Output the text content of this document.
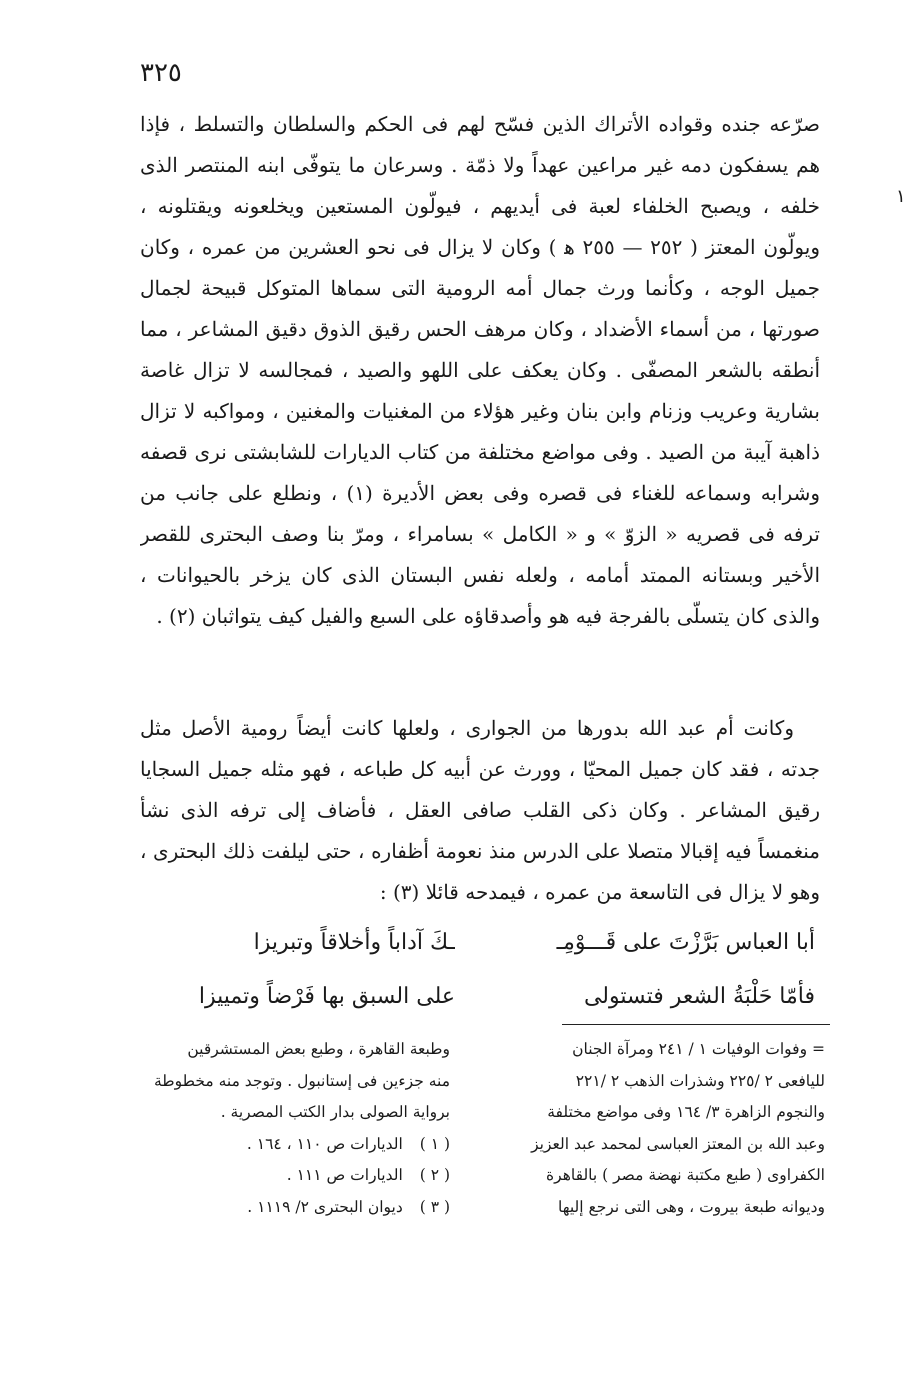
٣٢٥
١

صرّعه جنده وقواده الأتراك الذين فسّح لهم فى الحكم والسلطان والتسلط ، فإذا هم يسفكون دمه غير مراعين عهداً ولا ذمّة . وسرعان ما يتوفّى ابنه المنتصر الذى خلفه ، ويصبح الخلفاء لعبة فى أيديهم ، فيولّون المستعين ويخلعونه ويقتلونه ، ويولّون المعتز ( ٢٥٢ — ٢٥٥ ﻫ ) وكان لا يزال فى نحو العشرين من عمره ، وكان جميل الوجه ، وكأنما ورث جمال أمه الرومية التى سماها المتوكل قبيحة لجمال صورتها ، من أسماء الأضداد ، وكان مرهف الحس رقيق الذوق دقيق المشاعر ، مما أنطقه بالشعر المصفّى . وكان يعكف على اللهو والصيد ، فمجالسه لا تزال غاصة بشارية وعريب وزنام وابن بنان وغير هؤلاء من المغنيات والمغنين ، ومواكبه لا تزال ذاهبة آيبة من الصيد . وفى مواضع مختلفة من كتاب الديارات للشابشتى نرى قصفه وشرابه وسماعه للغناء فى قصره وفى بعض الأديرة (١) ، ونطلع على جانب من ترفه فى قصريه « الزوّ » و « الكامل » بسامراء ، ومرّ بنا وصف البحترى للقصر الأخير وبستانه الممتد أمامه ، ولعله نفس البستان الذى كان يزخر بالحيوانات ، والذى كان يتسلّى بالفرجة فيه هو وأصدقاؤه على السبع والفيل كيف يتواثبان (٢) .

وكانت أم عبد الله بدورها من الجوارى ، ولعلها كانت أيضاً رومية الأصل مثل جدته ، فقد كان جميل المحيّا ، وورث عن أبيه كل طباعه ، فهو مثله جميل السجايا رقيق المشاعر . وكان ذكى القلب صافى العقل ، فأضاف إلى ترفه الذى نشأ منغمساً فيه إقبالا متصلا على الدرس منذ نعومة أظفاره ، حتى ليلفت ذلك البحترى ، وهو لا يزال فى التاسعة من عمره ، فيمدحه قائلا (٣) :

أبا العباس بَرَّزْتَ على قَـــوْمِـ
ـكَ آداباً وأخلاقاً وتبريزا
فأمّا حَلْبَةُ الشعر فتستولى
على السبق بها فَرْضاً وتمييزا
= وفوات الوفيات ١ / ٢٤١ ومرآة الجنان
لليافعى ٢ /٢٢٥ وشذرات الذهب ٢ /٢٢١
والنجوم الزاهرة ٣/ ١٦٤ وفى مواضع مختلفة
وعبد الله بن المعتز العباسى لمحمد عبد العزيز
الكفراوى ( طبع مكتبة نهضة مصر ) بالقاهرة
وديوانه طبعة بيروت ، وهى التى نرجع إليها
وطبعة القاهرة ، وطبع بعض المستشرقين
منه جزءين فى إستانبول . وتوجد منه مخطوطة
برواية الصولى بدار الكتب المصرية .
( ١ ) الديارات ص ١١٠ ، ١٦٤ .
( ٢ ) الديارات ص ١١١ .
( ٣ ) ديوان البحترى ٢/ ١١١٩ .
